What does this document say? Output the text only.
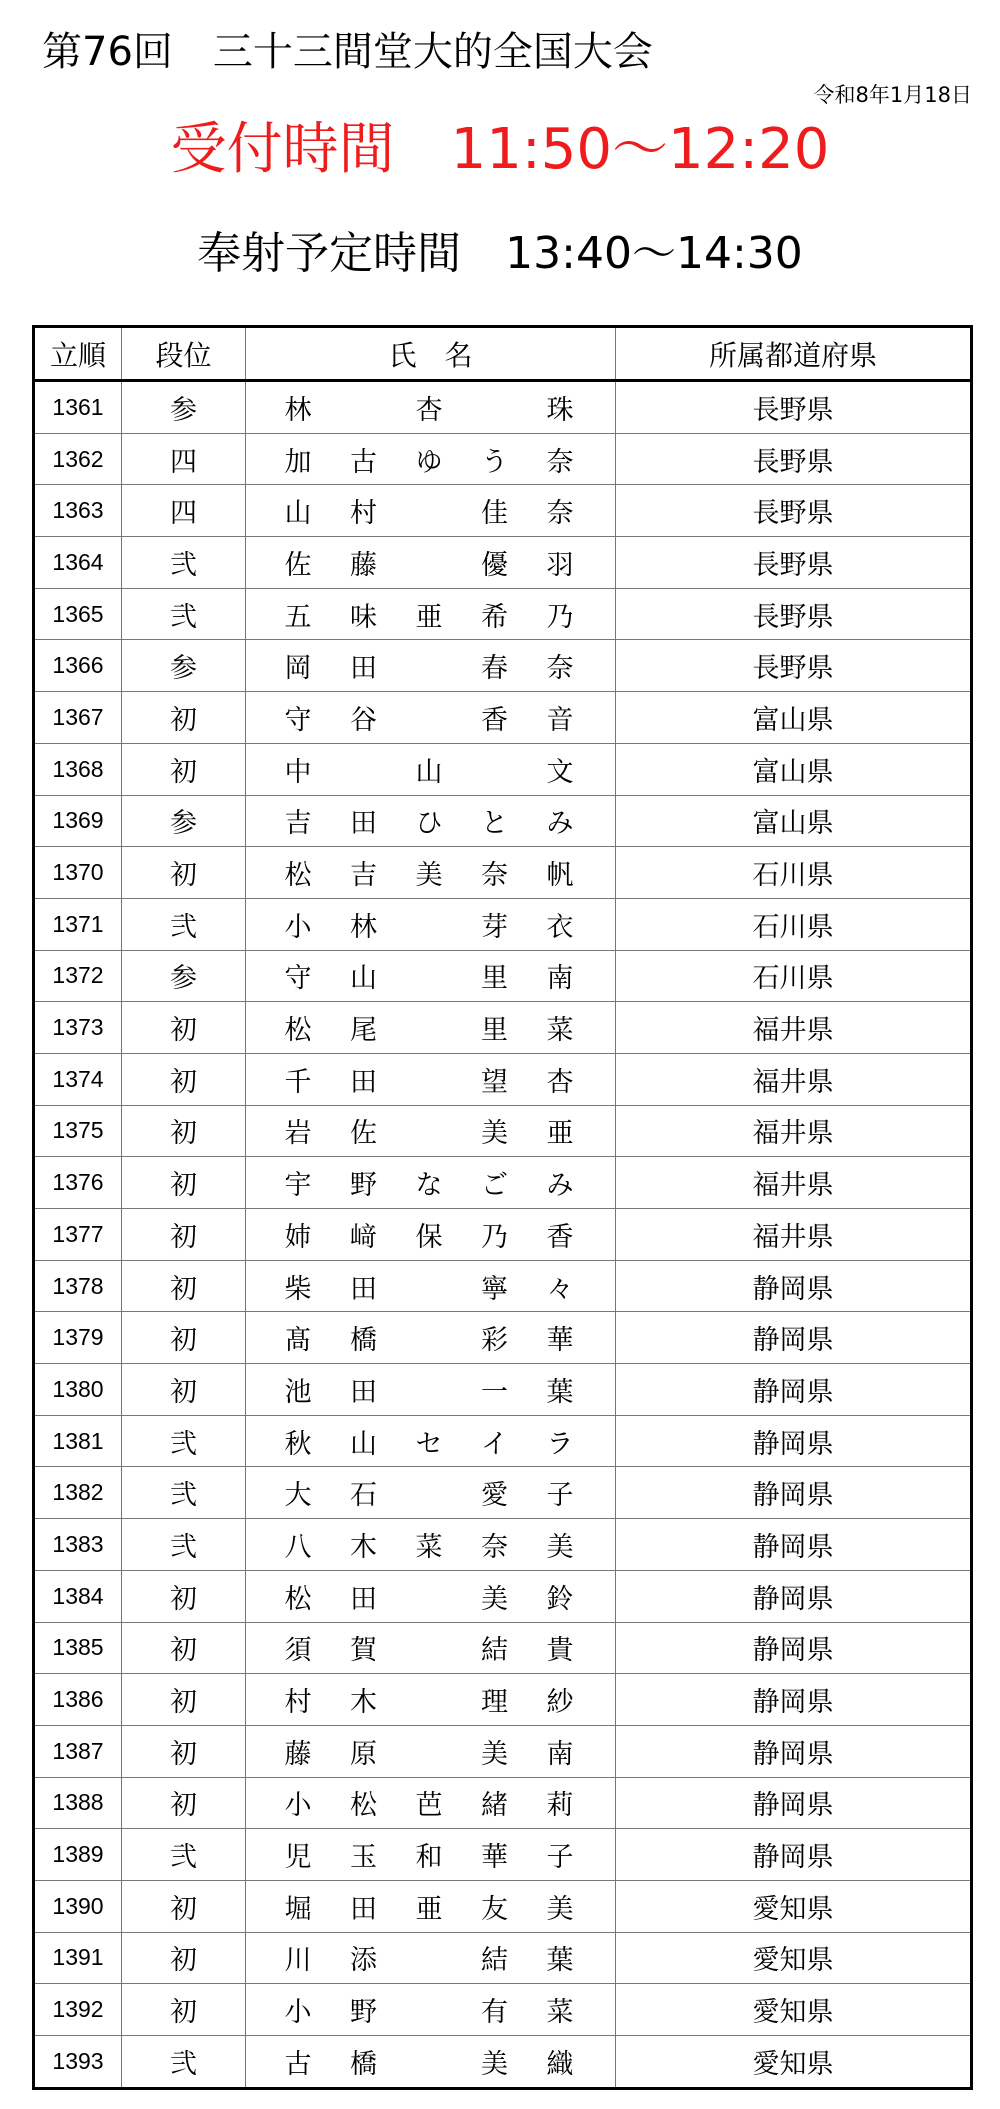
第76回　三十三間堂大的全国大会
令和8年1月18日
受付時間　11:50〜12:20
奉射予定時間　13:40〜14:30
立順	段位	氏　名	所属都道府県
1361	参	林 杏 珠	長野県
1362	四	加 古 ゆ う 奈	長野県
1363	四	山 村 佳 奈	長野県
1364	弐	佐 藤 優 羽	長野県
1365	弐	五 味 亜 希 乃	長野県
1366	参	岡 田 春 奈	長野県
1367	初	守 谷 香 音	富山県
1368	初	中 山 文	富山県
1369	参	吉 田 ひ と み	富山県
1370	初	松 吉 美 奈 帆	石川県
1371	弐	小 林 芽 衣	石川県
1372	参	守 山 里 南	石川県
1373	初	松 尾 里 菜	福井県
1374	初	千 田 望 杏	福井県
1375	初	岩 佐 美 亜	福井県
1376	初	宇 野 な ご み	福井県
1377	初	姉 﨑 保 乃 香	福井県
1378	初	柴 田 寧 々	静岡県
1379	初	髙 橋 彩 華	静岡県
1380	初	池 田 一 葉	静岡県
1381	弐	秋 山 セ イ ラ	静岡県
1382	弐	大 石 愛 子	静岡県
1383	弐	八 木 菜 奈 美	静岡県
1384	初	松 田 美 鈴	静岡県
1385	初	須 賀 結 貴	静岡県
1386	初	村 木 理 紗	静岡県
1387	初	藤 原 美 南	静岡県
1388	初	小 松 芭 緒 莉	静岡県
1389	弐	児 玉 和 華 子	静岡県
1390	初	堀 田 亜 友 美	愛知県
1391	初	川 添 結 葉	愛知県
1392	初	小 野 有 菜	愛知県
1393	弐	古 橋 美 織	愛知県
